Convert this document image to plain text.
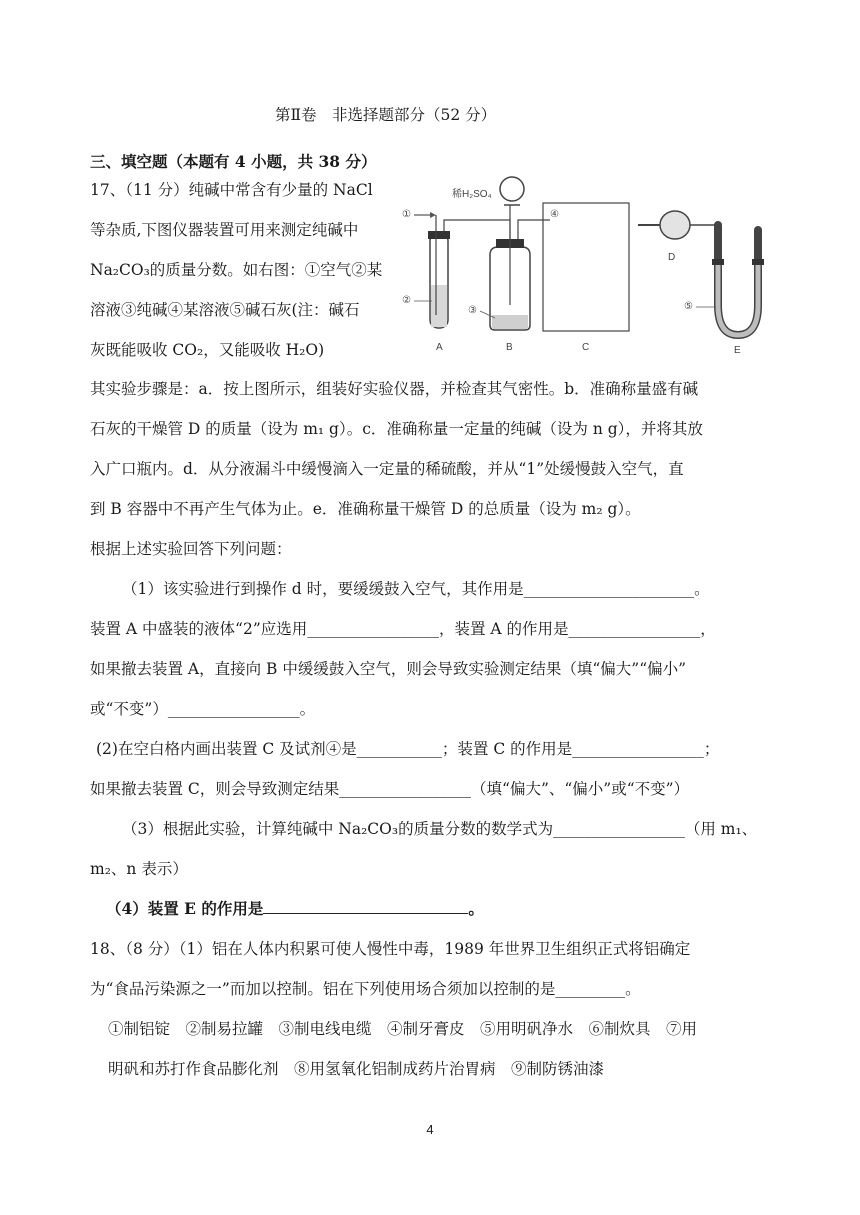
第Ⅱ卷　非选择题部分（52 分）
三、填空题（本题有 4 小题，共 38 分）
17、（11 分）纯碱中常含有少量的 NaCl
等杂质,下图仪器装置可用来测定纯碱中
Na₂CO₃的质量分数。如右图：①空气②某
溶液③纯碱④某溶液⑤碱石灰(注：碱石
灰既能吸收 CO₂，又能吸收 H₂O)
①
②
A
稀H₂SO₄
③
B
④
C
D
⑤
E
其实验步骤是：a．按上图所示，组装好实验仪器，并检查其气密性。b．准确称量盛有碱
石灰的干燥管 D 的质量（设为 m₁ g）。c．准确称量一定量的纯碱（设为 n g），并将其放
入广口瓶内。d．从分液漏斗中缓慢滴入一定量的稀硫酸，并从“1”处缓慢鼓入空气，直
到 B 容器中不再产生气体为止。e．准确称量干燥管 D 的总质量（设为 m₂ g）。
根据上述实验回答下列问题：
（1）该实验进行到操作 d 时，要缓缓鼓入空气，其作用是______________________。
装置 A 中盛装的液体“2”应选用_________________，装置 A 的作用是_________________，
如果撤去装置 A，直接向 B 中缓缓鼓入空气，则会导致实验测定结果（填“偏大”“偏小”
或“不变”）_________________。
(2)在空白格内画出装置 C 及试剂④是___________；装置 C 的作用是_________________；
如果撤去装置 C，则会导致测定结果_________________（填“偏大”、“偏小”或“不变”）
（3）根据此实验，计算纯碱中 Na₂CO₃的质量分数的数学式为_________________（用 m₁、
m₂、n 表示）
（4）装置 E 的作用是	。
18、（8 分）（1）铝在人体内积累可使人慢性中毒，1989 年世界卫生组织正式将铝确定
为“食品污染源之一”而加以控制。铝在下列使用场合须加以控制的是_________。
①制铝锭　②制易拉罐　③制电线电缆　④制牙膏皮　⑤用明矾净水　⑥制炊具　⑦用
明矾和苏打作食品膨化剂　⑧用氢氧化铝制成药片治胃病　⑨制防锈油漆
4
